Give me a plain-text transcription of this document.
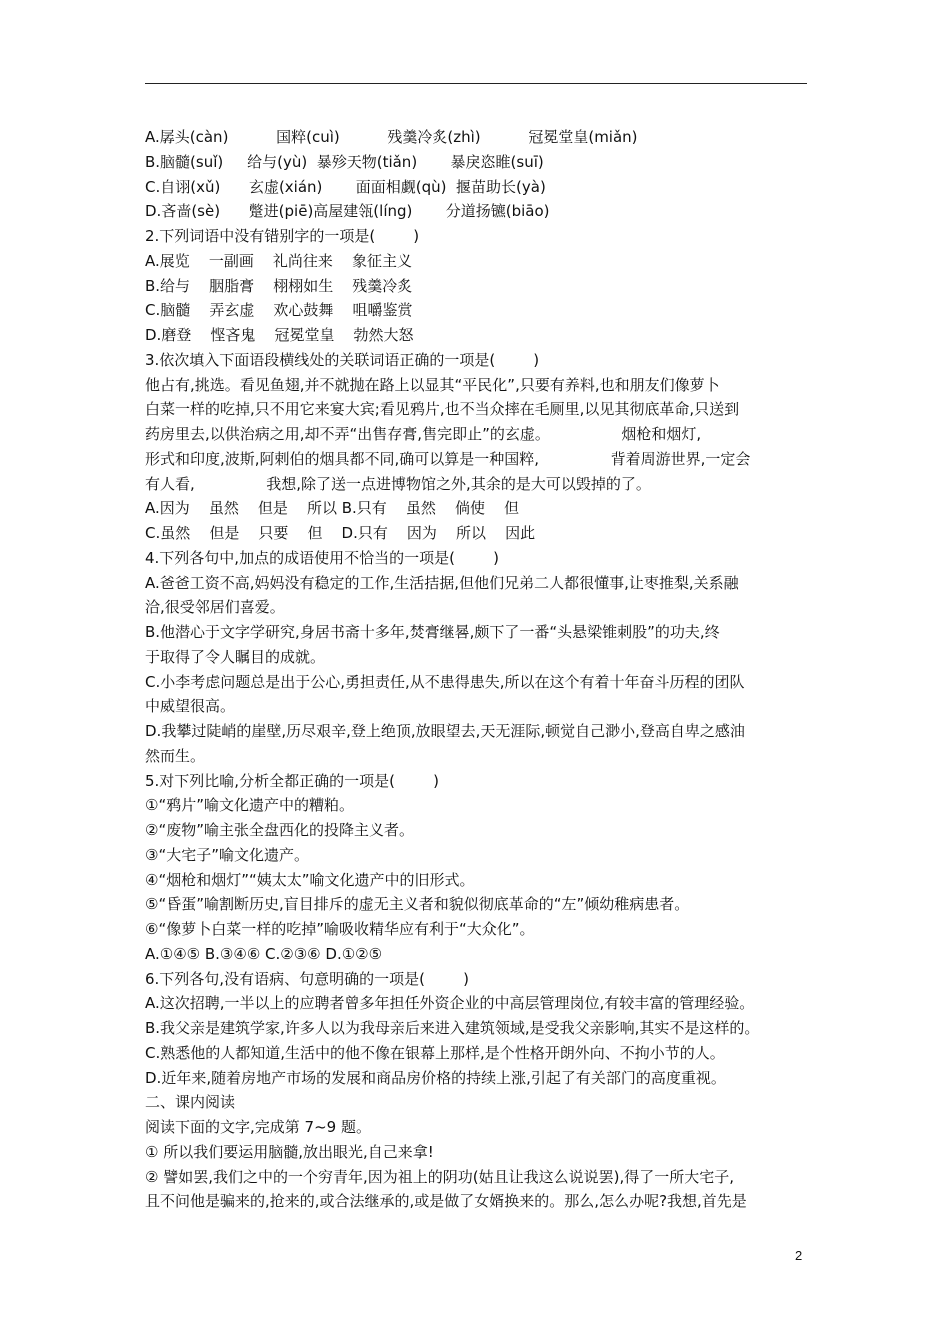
A.孱头(càn)          国粹(cuì)          残羹冷炙(zhì)          冠冕堂皇(miǎn)
B.脑髓(suǐ)     给与(yù)  暴殄天物(tiǎn)       暴戾恣睢(suī)
C.自诩(xǔ)      玄虚(xián)       面面相觑(qù)  揠苗助长(yà)
D.吝啬(sè)      蹩进(piē)高屋建瓴(líng)       分道扬镳(biāo)
2.下列词语中没有错别字的一项是(        )
A.展览    一副画    礼尚往来    象征主义
B.给与    胭脂膏    栩栩如生    残羹冷炙
C.脑髓    弄玄虚    欢心鼓舞    咀嚼鉴赏
D.磨登    悭吝鬼    冠冕堂皇    勃然大怒
3.依次填入下面语段横线处的关联词语正确的一项是(        )
他占有,挑选。看见鱼翅,并不就抛在路上以显其“平民化”,只要有养料,也和朋友们像萝卜
白菜一样的吃掉,只不用它来宴大宾;看见鸦片,也不当众摔在毛厕里,以见其彻底革命,只送到
药房里去,以供治病之用,却不弄“出售存膏,售完即止”的玄虚。               烟枪和烟灯,
形式和印度,波斯,阿剌伯的烟具都不同,确可以算是一种国粹,               背着周游世界,一定会
有人看,               我想,除了送一点进博物馆之外,其余的是大可以毁掉的了。
A.因为    虽然    但是    所以 B.只有    虽然    倘使    但
C.虽然    但是    只要    但    D.只有    因为    所以    因此
4.下列各句中,加点的成语使用不恰当的一项是(        )
A.爸爸工资不高,妈妈没有稳定的工作,生活拮据,但他们兄弟二人都很懂事,让枣推梨,关系融
洽,很受邻居们喜爱。
B.他潜心于文字学研究,身居书斋十多年,焚膏继晷,颇下了一番“头悬梁锥刺股”的功夫,终
于取得了令人瞩目的成就。
C.小李考虑问题总是出于公心,勇担责任,从不患得患失,所以在这个有着十年奋斗历程的团队
中威望很高。
D.我攀过陡峭的崖壁,历尽艰辛,登上绝顶,放眼望去,天无涯际,顿觉自己渺小,登高自卑之感油
然而生。
5.对下列比喻,分析全都正确的一项是(        )
①“鸦片”喻文化遗产中的糟粕。
②“废物”喻主张全盘西化的投降主义者。
③“大宅子”喻文化遗产。
④“烟枪和烟灯”“姨太太”喻文化遗产中的旧形式。
⑤“昏蛋”喻割断历史,盲目排斥的虚无主义者和貌似彻底革命的“左”倾幼稚病患者。
⑥“像萝卜白菜一样的吃掉”喻吸收精华应有利于“大众化”。
A.①④⑤ B.③④⑥ C.②③⑥ D.①②⑤
6.下列各句,没有语病、句意明确的一项是(        )
A.这次招聘,一半以上的应聘者曾多年担任外资企业的中高层管理岗位,有较丰富的管理经验。
B.我父亲是建筑学家,许多人以为我母亲后来进入建筑领域,是受我父亲影响,其实不是这样的。
C.熟悉他的人都知道,生活中的他不像在银幕上那样,是个性格开朗外向、不拘小节的人。
D.近年来,随着房地产市场的发展和商品房价格的持续上涨,引起了有关部门的高度重视。
二、课内阅读
阅读下面的文字,完成第 7~9 题。
① 所以我们要运用脑髓,放出眼光,自己来拿!
② 譬如罢,我们之中的一个穷青年,因为祖上的阴功(姑且让我这么说说罢),得了一所大宅子,
且不问他是骗来的,抢来的,或合法继承的,或是做了女婿换来的。那么,怎么办呢?我想,首先是
2
